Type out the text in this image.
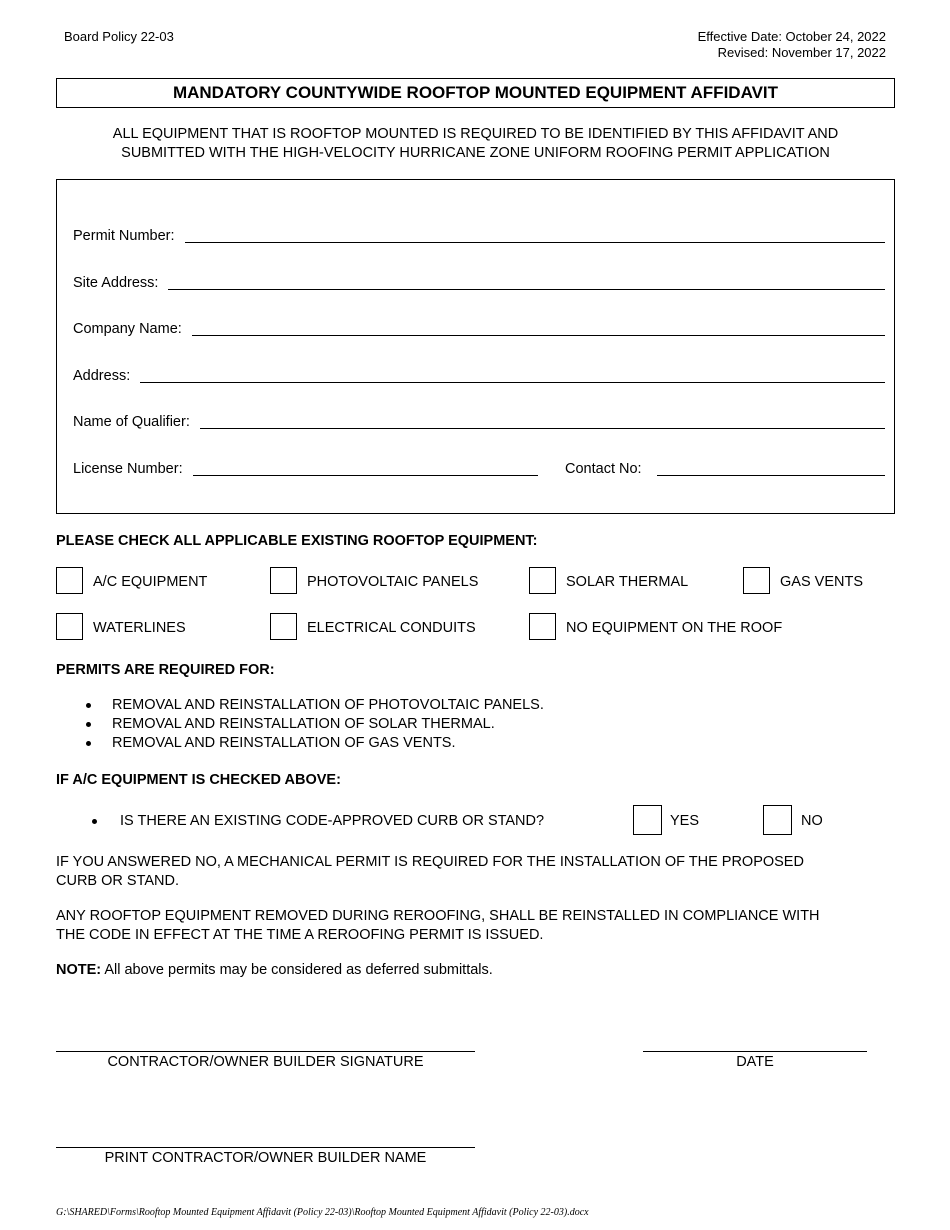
Board Policy 22-03	Effective Date: October 24, 2022
Revised: November 17, 2022
MANDATORY COUNTYWIDE ROOFTOP MOUNTED EQUIPMENT AFFIDAVIT
ALL EQUIPMENT THAT IS ROOFTOP MOUNTED IS REQUIRED TO BE IDENTIFIED BY THIS AFFIDAVIT AND
SUBMITTED WITH THE HIGH-VELOCITY HURRICANE ZONE UNIFORM ROOFING PERMIT APPLICATION
Permit Number:
Site Address:
Company Name:
Address:
Name of Qualifier:
License Number:	Contact No:
PLEASE CHECK ALL APPLICABLE EXISTING ROOFTOP EQUIPMENT:
A/C EQUIPMENT	PHOTOVOLTAIC PANELS	SOLAR THERMAL	GAS VENTS
WATERLINES	ELECTRICAL CONDUITS	NO EQUIPMENT ON THE ROOF
PERMITS ARE REQUIRED FOR:
REMOVAL AND REINSTALLATION OF PHOTOVOLTAIC PANELS.
REMOVAL AND REINSTALLATION OF SOLAR THERMAL.
REMOVAL AND REINSTALLATION OF GAS VENTS.
IF A/C EQUIPMENT IS CHECKED ABOVE:
IS THERE AN EXISTING CODE-APPROVED CURB OR STAND?	YES	NO
IF YOU ANSWERED NO, A MECHANICAL PERMIT IS REQUIRED FOR THE INSTALLATION OF THE PROPOSED
CURB OR STAND.
ANY ROOFTOP EQUIPMENT REMOVED DURING REROOFING, SHALL BE REINSTALLED IN COMPLIANCE WITH
THE CODE IN EFFECT AT THE TIME A REROOFING PERMIT IS ISSUED.
NOTE: All above permits may be considered as deferred submittals.
CONTRACTOR/OWNER BUILDER SIGNATURE	DATE
PRINT CONTRACTOR/OWNER BUILDER NAME
G:\SHARED\Forms\Rooftop Mounted Equipment Affidavit (Policy 22-03)\Rooftop Mounted Equipment Affidavit (Policy 22-03).docx
